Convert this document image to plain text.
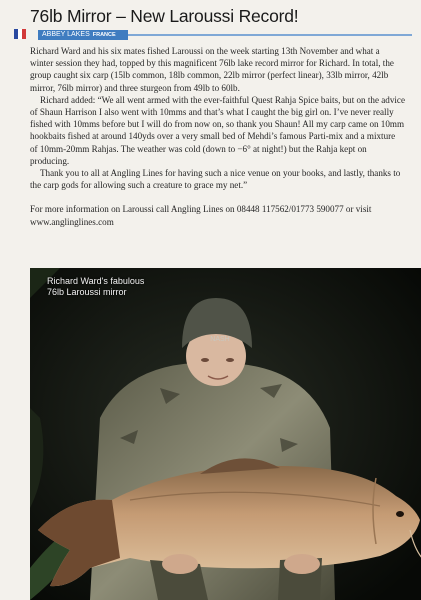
76lb Mirror – New Laroussi Record!
ABBEY LAKES FRANCE

Richard Ward and his six mates fished Laroussi on the week starting 13th November and what a winter session they had, topped by this magnificent 76lb lake record mirror for Richard. In total, the group caught six carp (15lb common, 18lb common, 22lb mirror (perfect linear), 33lb mirror, 42lb mirror, 76lb mirror) and three sturgeon from 49lb to 60lb.

Richard added: “We all went armed with the ever-faithful Quest Rahja Spice baits, but on the advice of Shaun Harrison I also went with 10mms and that’s what I caught the big girl on. I’ve never really fished with 10mms before but I will do from now on, so thank you Shaun! All my carp came on 10mm hookbaits fished at around 140yds over a very small bed of Mehdi’s famous Parti-mix and a mixture of 10mm-20mm Rahjas. The weather was cold (down to −6° at night!) but the Rahja kept on producing.

Thank you to all at Angling Lines for having such a nice venue on your books, and lastly, thanks to the carp gods for allowing such a creature to grace my net.”

For more information on Laroussi call Angling Lines on 08448 117562/01773 590077 or visit www.anglinglines.com

NASH
Richard Ward's fabulous
76lb Laroussi mirror
